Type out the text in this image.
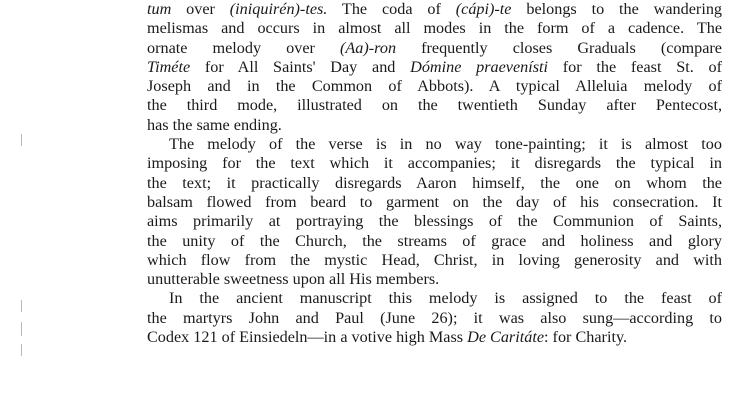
tum over (iniquirén)-tes. The coda of (cápi)-te belongs to the wandering
melismas and occurs in almost all modes in the form of a cadence. The
ornate melody over (Aa)-ron frequently closes Graduals (compare
Timéte for All Saints' Day and Dómine praevenísti for the feast St. of
Joseph and in the Common of Abbots). A typical Alleluia melody of
the third mode, illustrated on the twentieth Sunday after Pentecost,
has the same ending.
The melody of the verse is in no way tone-painting; it is almost too
imposing for the text which it accompanies; it disregards the typical in
the text; it practically disregards Aaron himself, the one on whom the
balsam flowed from beard to garment on the day of his consecration. It
aims primarily at portraying the blessings of the Communion of Saints,
the unity of the Church, the streams of grace and holiness and glory
which flow from the mystic Head, Christ, in loving generosity and with
unutterable sweetness upon all His members.
In the ancient manuscript this melody is assigned to the feast of
the martyrs John and Paul (June 26); it was also sung—according to
Codex 121 of Einsiedeln—in a votive high Mass De Caritáte: for Charity.
